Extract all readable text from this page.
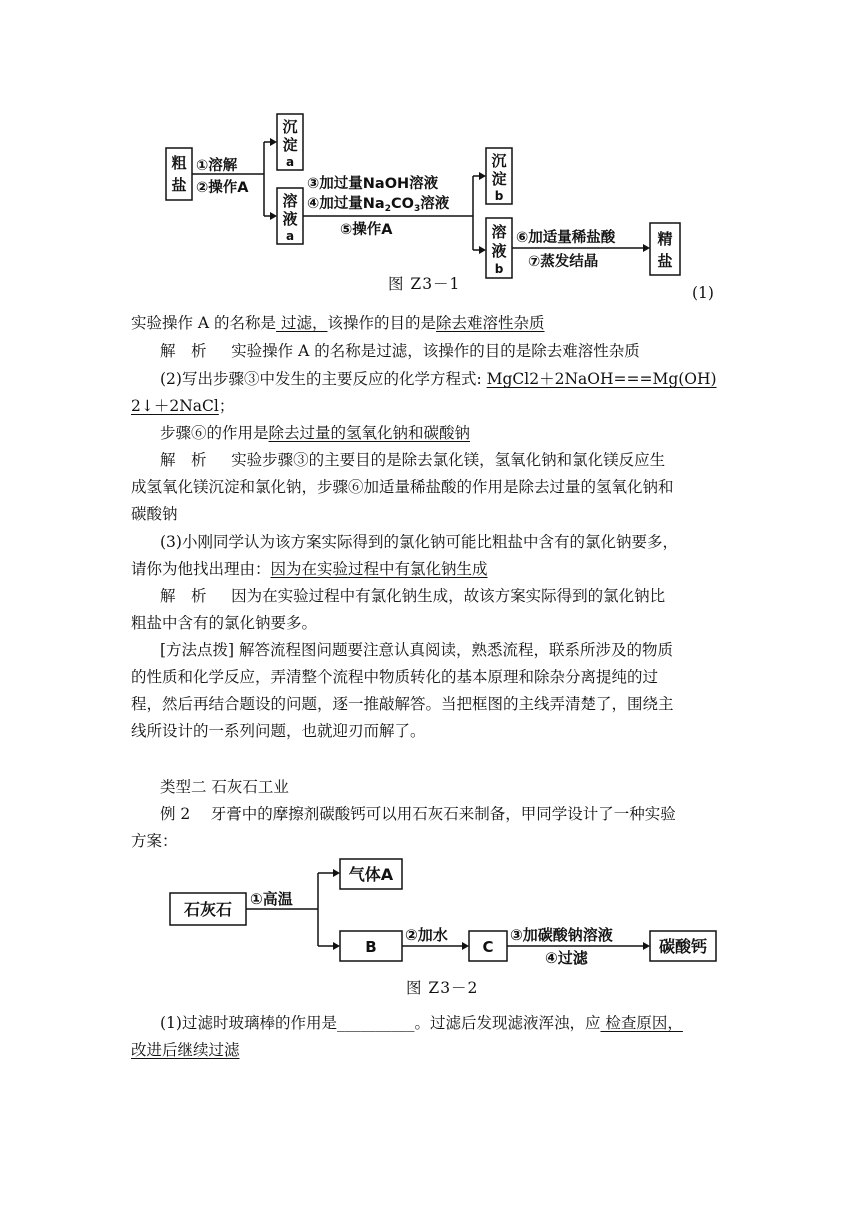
粗
盐
沉
淀
a
溶
液
a
沉
淀
b
溶
液
b
精
盐
①溶解
②操作A	③加过量NaOH溶液
④加过量$Na_2CO_3$溶液
⑤操作A	⑥加适量稀盐酸
⑦蒸发结晶
图 Z3－1	(1)
实验操作 A 的名称是 过滤，该操作的目的是除去难溶性杂质
解　析 实验操作 A 的名称是过滤，该操作的目的是除去难溶性杂质
(2)写出步骤③中发生的主要反应的化学方程式: MgCl2＋2NaOH===Mg(OH)
2↓＋2NaCl；
步骤⑥的作用是除去过量的氢氧化钠和碳酸钠
解　析 实验步骤③的主要目的是除去氯化镁，氢氧化钠和氯化镁反应生
成氢氧化镁沉淀和氯化钠，步骤⑥加适量稀盐酸的作用是除去过量的氢氧化钠和
碳酸钠
(3)小刚同学认为该方案实际得到的氯化钠可能比粗盐中含有的氯化钠要多，
请你为他找出理由：因为在实验过程中有氯化钠生成
解　析 因为在实验过程中有氯化钠生成，故该方案实际得到的氯化钠比
粗盐中含有的氯化钠要多。
[方法点拨] 解答流程图问题要注意认真阅读，熟悉流程，联系所涉及的物质
的性质和化学反应，弄清整个流程中物质转化的基本原理和除杂分离提纯的过
程，然后再结合题设的问题，逐一推敲解答。当把框图的主线弄清楚了，围绕主
线所设计的一系列问题，也就迎刃而解了。
类型二 石灰石工业
例 2　 牙膏中的摩擦剂碳酸钙可以用石灰石来制备，甲同学设计了一种实验
方案：
石灰石
气体A
B	C	碳酸钙
①高温
②加水	③加碳酸钠溶液
④过滤
图 Z3－2
(1)过滤时玻璃棒的作用是__________。过滤后发现滤液浑浊，应 检查原因，
改进后继续过滤
